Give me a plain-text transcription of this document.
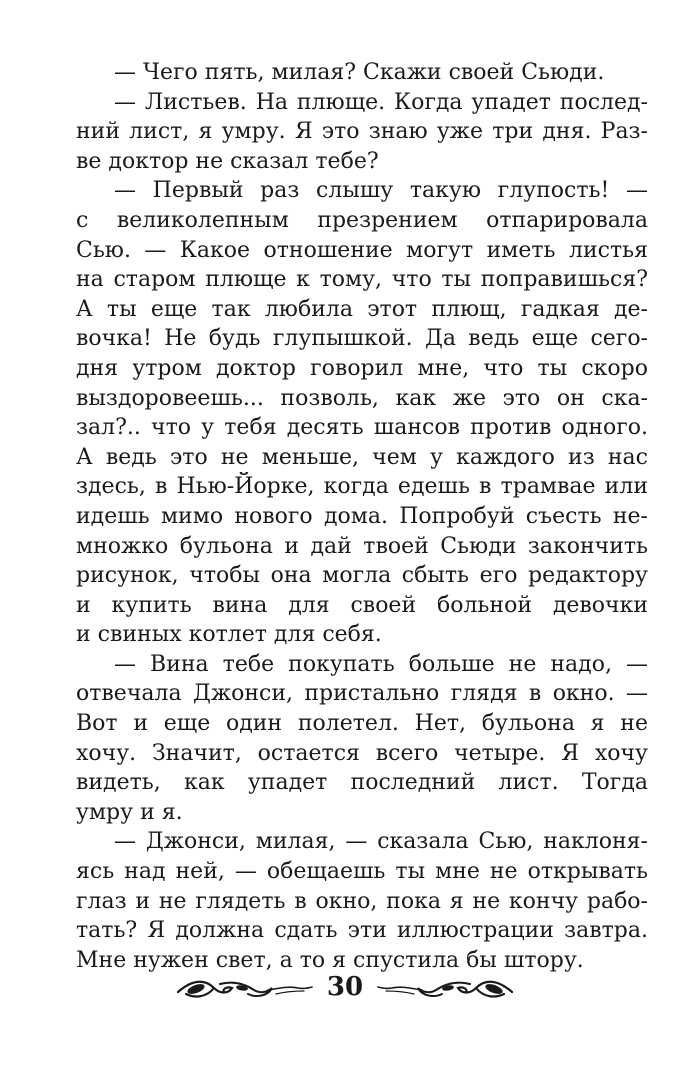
— Чего пять, милая? Скажи своей Сьюди.
— Листьев. На плюще. Когда упадет послед-
ний лист, я умру. Я это знаю уже три дня. Раз-
ве доктор не сказал тебе?
— Первый раз слышу такую глупость! —
с великолепным презрением отпарировала
Сью. — Какое отношение могут иметь листья
на старом плюще к тому, что ты поправишься?
А ты еще так любила этот плющ, гадкая де-
вочка! Не будь глупышкой. Да ведь еще сего-
дня утром доктор говорил мне, что ты скоро
выздоровеешь... позволь, как же это он ска-
зал?.. что у тебя десять шансов против одного.
А ведь это не меньше, чем у каждого из нас
здесь, в Нью-Йорке, когда едешь в трамвае или
идешь мимо нового дома. Попробуй съесть не-
множко бульона и дай твоей Сьюди закончить
рисунок, чтобы она могла сбыть его редактору
и купить вина для своей больной девочки
и свиных котлет для себя.
— Вина тебе покупать больше не надо, —
отвечала Джонси, пристально глядя в окно. —
Вот и еще один полетел. Нет, бульона я не
хочу. Значит, остается всего четыре. Я хочу
видеть, как упадет последний лист. Тогда
умру и я.
— Джонси, милая, — сказала Сью, наклоня-
ясь над ней, — обещаешь ты мне не открывать
глаз и не глядеть в окно, пока я не кончу рабо-
тать? Я должна сдать эти иллюстрации завтра.
Мне нужен свет, а то я спустила бы штору.
30
